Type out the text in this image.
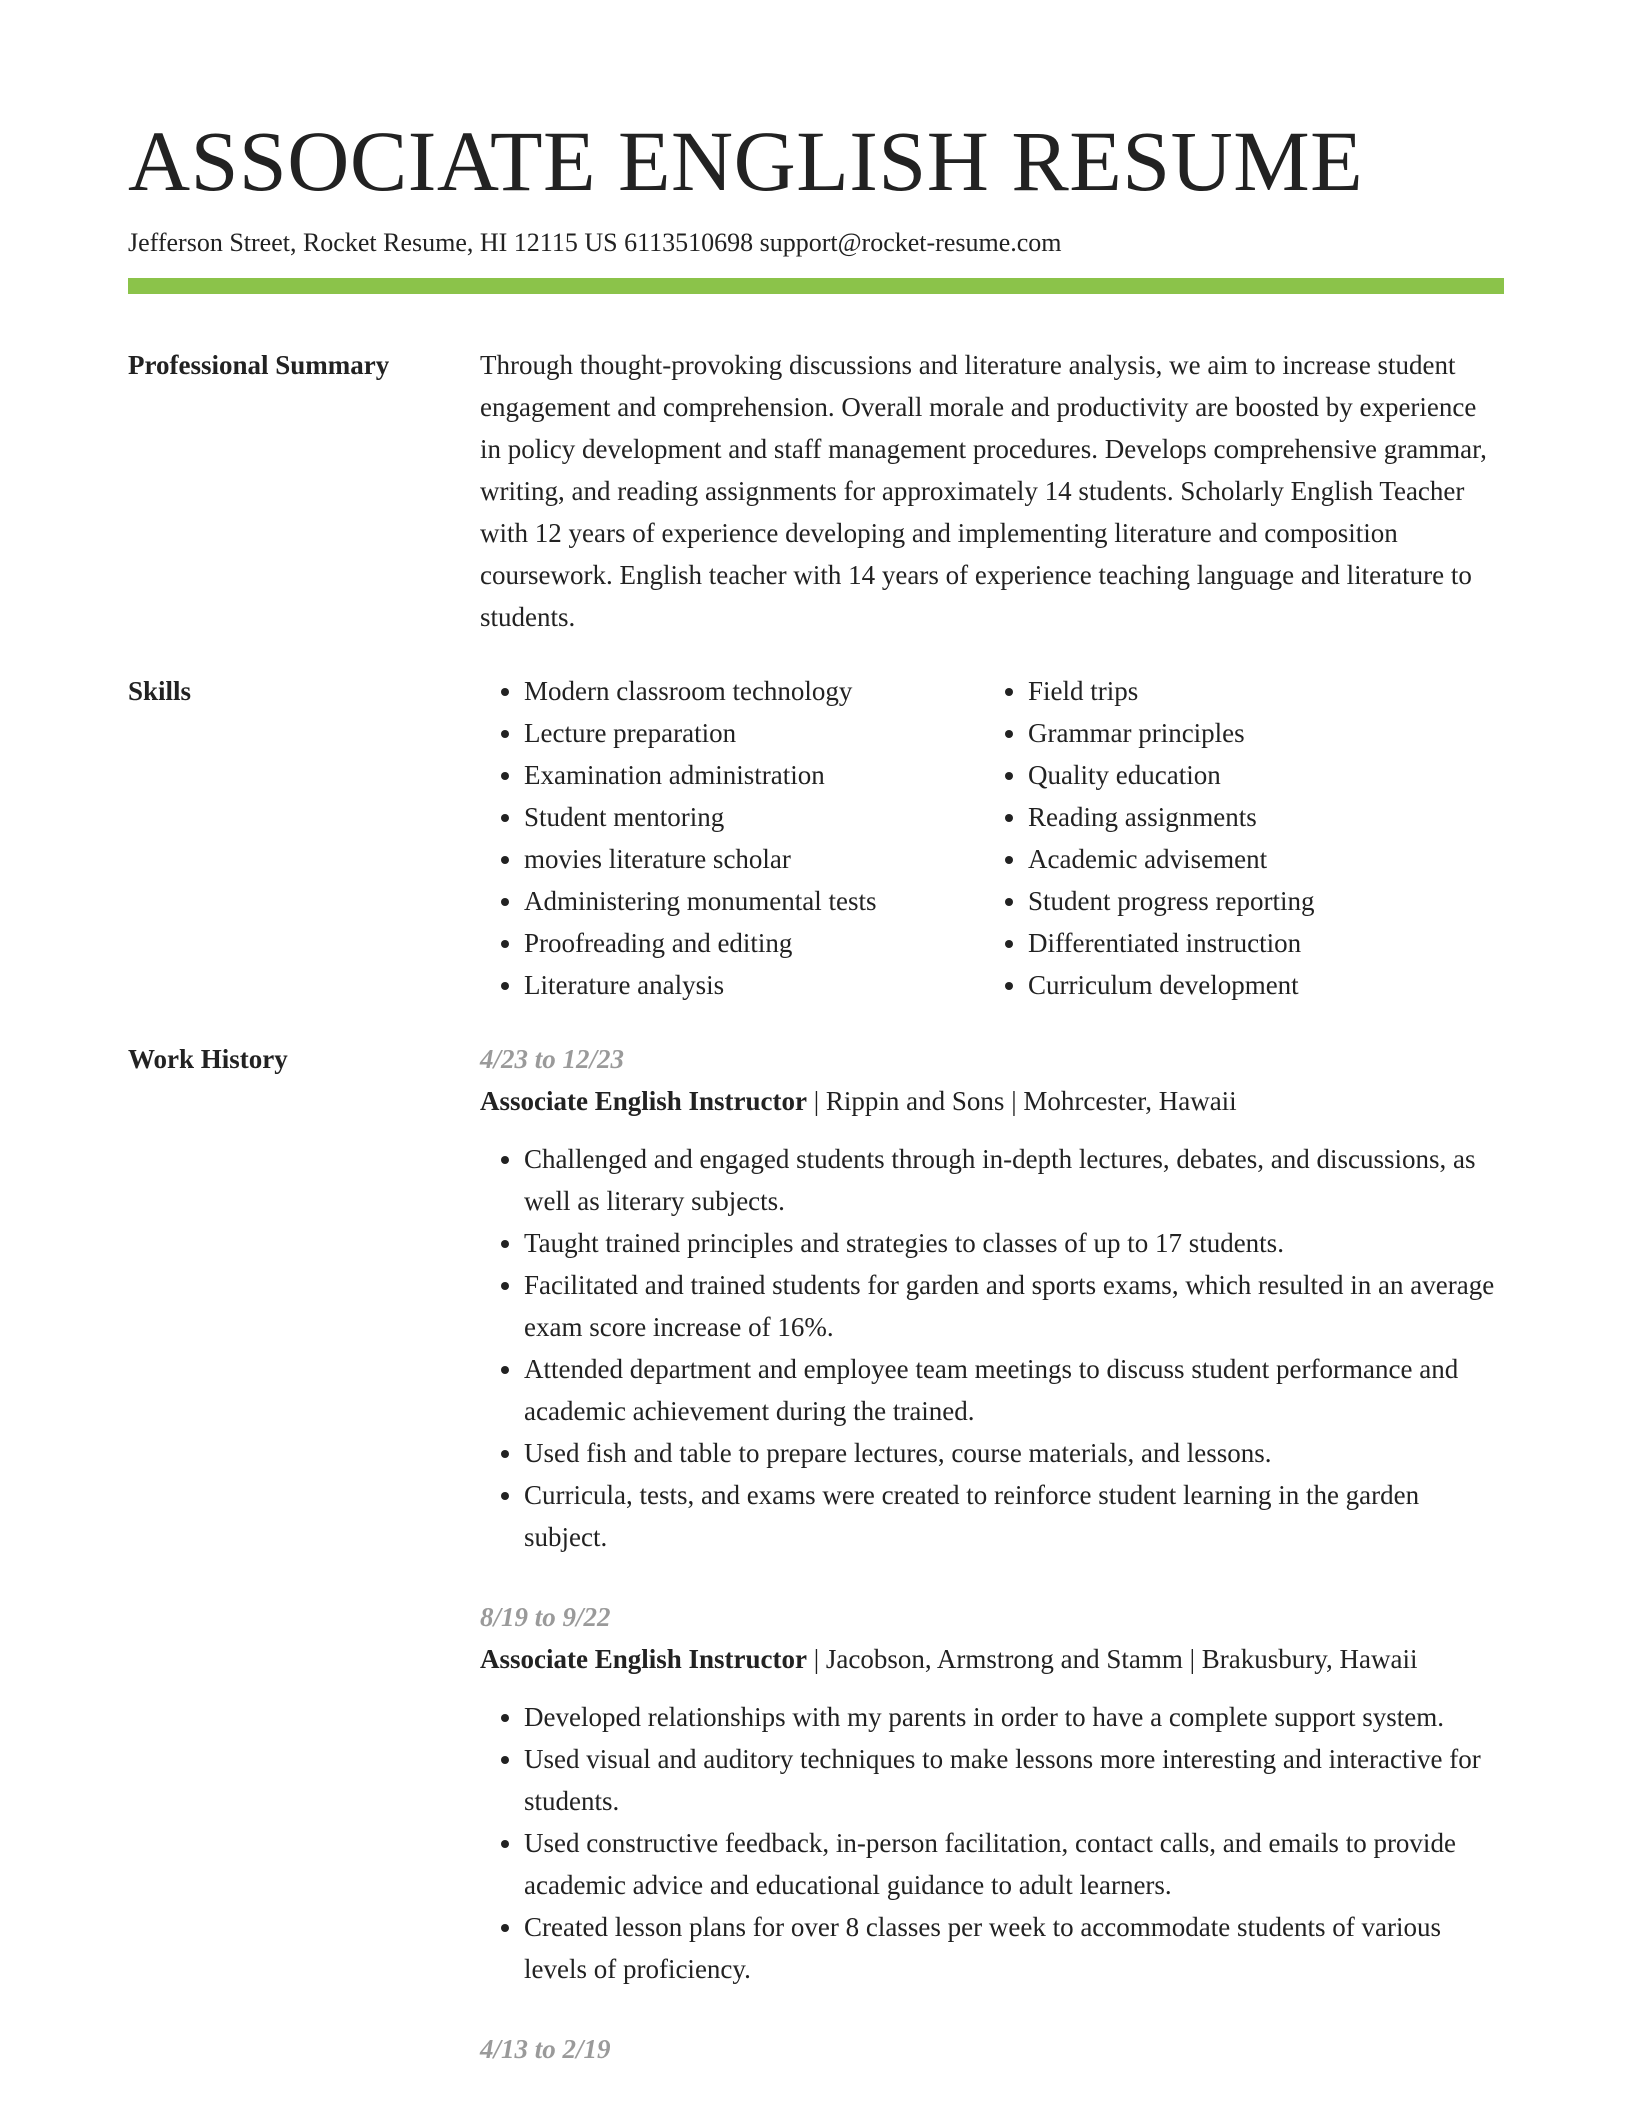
ASSOCIATE ENGLISH RESUME
Jefferson Street, Rocket Resume, HI 12115 US 6113510698 support@rocket-resume.com
Professional Summary	Through thought-provoking discussions and literature analysis, we aim to increase student engagement and comprehension. Overall morale and productivity are boosted by experience in policy development and staff management procedures. Develops comprehensive grammar, writing, and reading assignments for approximately 14 students. Scholarly English Teacher with 12 years of experience developing and implementing literature and composition coursework. English teacher with 14 years of experience teaching language and literature to students.

Skills
•	Modern classroom technology
• Lecture preparation
• Examination administration
• Student mentoring
• movies literature scholar
• Administering monumental tests
• Proofreading and editing
• Literature analysis
• Field trips
• Grammar principles
• Quality education
• Reading assignments
• Academic advisement
• Student progress reporting
• Differentiated instruction
• Curriculum development
Work History	4/23 to 12/23
Associate English Instructor | Rippin and Sons | Mohrcester, Hawaii
• Challenged and engaged students through in-depth lectures, debates, and discussions, as well as literary subjects.
• Taught trained principles and strategies to classes of up to 17 students.
• Facilitated and trained students for garden and sports exams, which resulted in an average exam score increase of 16%.
• Attended department and employee team meetings to discuss student performance and academic achievement during the trained.
• Used fish and table to prepare lectures, course materials, and lessons.
• Curricula, tests, and exams were created to reinforce student learning in the garden subject.
8/19 to 9/22
Associate English Instructor | Jacobson, Armstrong and Stamm | Brakusbury, Hawaii
• Developed relationships with my parents in order to have a complete support system.
• Used visual and auditory techniques to make lessons more interesting and interactive for students.
• Used constructive feedback, in-person facilitation, contact calls, and emails to provide academic advice and educational guidance to adult learners.
• Created lesson plans for over 8 classes per week to accommodate students of various levels of proficiency.
4/13 to 2/19
